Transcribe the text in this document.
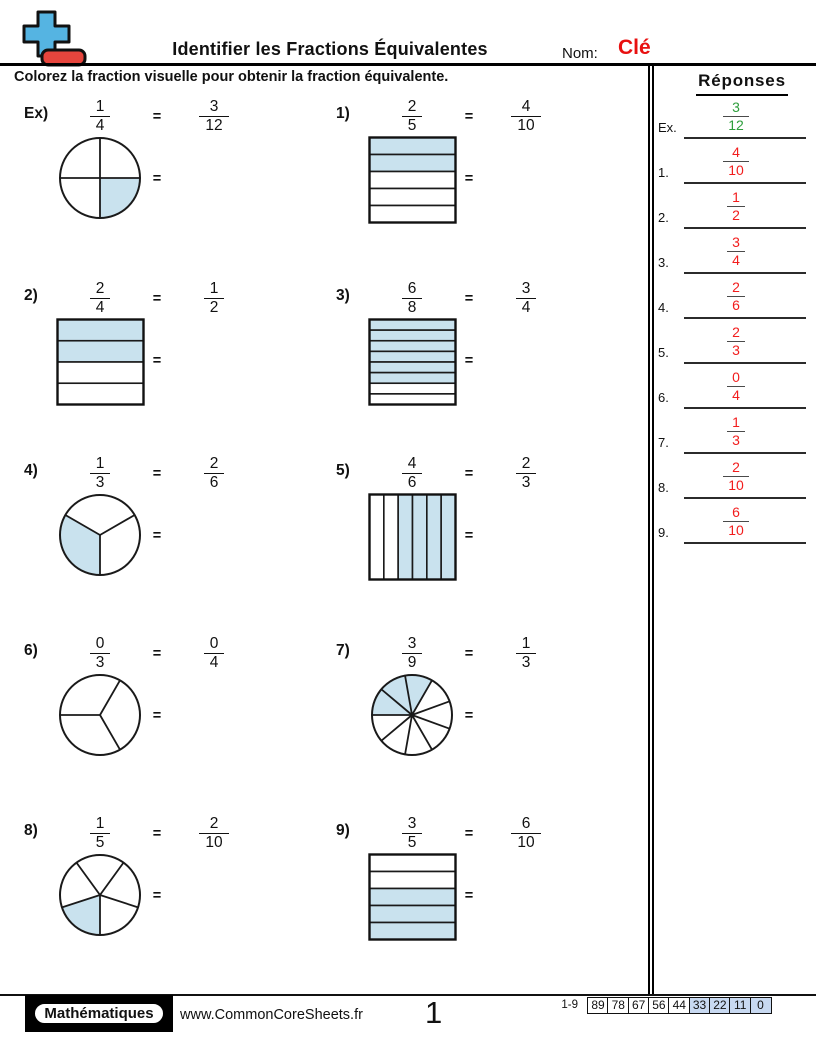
Identifier les Fractions Équivalentes	Nom: Clé
Colorez la fraction visuelle pour obtenir la fraction équivalente.	Réponses
Ex.	$\frac{3}{12}$
1.	$\frac{4}{10}$
2.	$\frac{1}{2}$
3.	$\frac{3}{4}$
4.	$\frac{2}{6}$
5.	$\frac{2}{3}$
6.	$\frac{0}{4}$
7.	$\frac{1}{3}$
8.	$\frac{2}{10}$
9.	$\frac{6}{10}$
$Ex) \frac{1}{4}$	=	$\frac{3}{12}$
=
$1) \frac{2}{5}$	=	$\frac{4}{10}$
=
$2) \frac{2}{4}$	=	$\frac{1}{2}$
=
$3) \frac{6}{8}$	=	$\frac{3}{4}$
=
$4) \frac{1}{3}$	=	$\frac{2}{6}$
=
$5) \frac{4}{6}$	=	$\frac{2}{3}$
=
$6) \frac{0}{3}$	=	$\frac{0}{4}$
=
$7) \frac{3}{9}$	=	$\frac{1}{3}$
=
$8) \frac{1}{5}$	=	$\frac{2}{10}$
=
$9) \frac{3}{5}$	=	$\frac{6}{10}$
=
Mathématiques	www.CommonCoreSheets.fr 1	1-9	89 78 67 56 44 33 22 11 0
